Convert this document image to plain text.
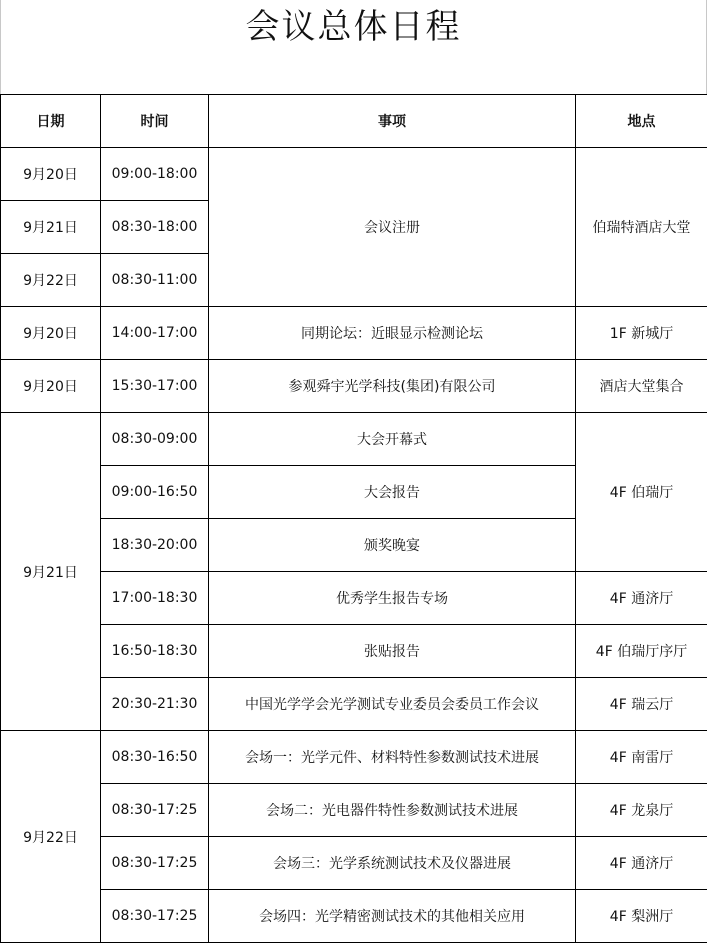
会议总体日程
日期	时间	事项	地点
9月20日	09:00-18:00	会议注册	伯瑞特酒店大堂
9月21日	08:30-18:00		
9月22日	08:30-11:00		
9月20日	14:00-17:00	同期论坛：近眼显示检测论坛	1F 新城厅
9月20日	15:30-17:00	参观舜宇光学科技(集团)有限公司	酒店大堂集合
9月21日	08:30-09:00	大会开幕式	4F 伯瑞厅
	09:00-16:50	大会报告	
	18:30-20:00	颁奖晚宴	
	17:00-18:30	优秀学生报告专场	4F 通济厅
	16:50-18:30	张贴报告	4F 伯瑞厅序厅
	20:30-21:30	中国光学学会光学测试专业委员会委员工作会议	4F 瑞云厅
9月22日	08:30-16:50	会场一：光学元件、材料特性参数测试技术进展	4F 南雷厅
	08:30-17:25	会场二：光电器件特性参数测试技术进展	4F 龙泉厅
	08:30-17:25	会场三：光学系统测试技术及仪器进展	4F 通济厅
	08:30-17:25	会场四：光学精密测试技术的其他相关应用	4F 梨洲厅
